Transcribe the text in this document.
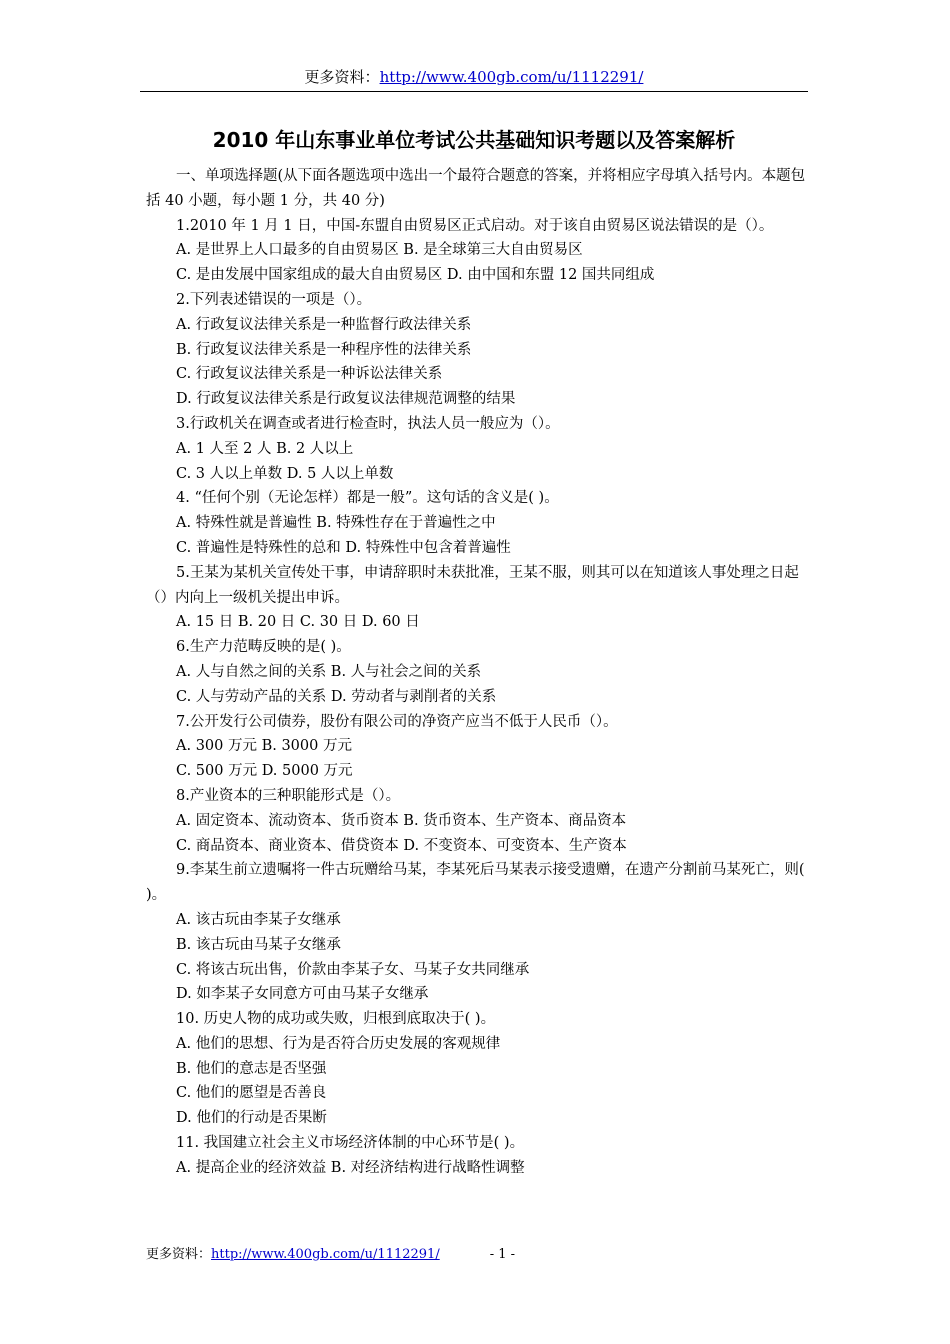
更多资料：http://www.400gb.com/u/1112291/
2010 年山东事业单位考试公共基础知识考题以及答案解析

一、单项选择题(从下面各题选项中选出一个最符合题意的答案，并将相应字母填入括号内。本题包括 40 小题，每小题 1 分，共 40 分)

1.2010 年 1 月 1 日，中国-东盟自由贸易区正式启动。对于该自由贸易区说法错误的是（）。

A. 是世界上人口最多的自由贸易区 B. 是全球第三大自由贸易区

C. 是由发展中国家组成的最大自由贸易区 D. 由中国和东盟 12 国共同组成

2.下列表述错误的一项是（）。

A. 行政复议法律关系是一种监督行政法律关系

B. 行政复议法律关系是一种程序性的法律关系

C. 行政复议法律关系是一种诉讼法律关系

D. 行政复议法律关系是行政复议法律规范调整的结果

3.行政机关在调查或者进行检查时，执法人员一般应为（）。

A. 1 人至 2 人 B. 2 人以上

C. 3 人以上单数 D. 5 人以上单数

4. “任何个别（无论怎样）都是一般”。这句话的含义是( )。

A. 特殊性就是普遍性 B. 特殊性存在于普遍性之中

C. 普遍性是特殊性的总和 D. 特殊性中包含着普遍性

5.王某为某机关宣传处干事，申请辞职时未获批准，王某不服，则其可以在知道该人事处理之日起（）内向上一级机关提出申诉。

A. 15 日 B. 20 日 C. 30 日 D. 60 日

6.生产力范畴反映的是( )。

A. 人与自然之间的关系 B. 人与社会之间的关系

C. 人与劳动产品的关系 D. 劳动者与剥削者的关系

7.公开发行公司债券，股份有限公司的净资产应当不低于人民币（）。

A. 300 万元 B. 3000 万元

C. 500 万元 D. 5000 万元

8.产业资本的三种职能形式是（）。

A. 固定资本、流动资本、货币资本 B. 货币资本、生产资本、商品资本

C. 商品资本、商业资本、借贷资本 D. 不变资本、可变资本、生产资本

9.李某生前立遗嘱将一件古玩赠给马某，李某死后马某表示接受遗赠，在遗产分割前马某死亡，则( )。

A. 该古玩由李某子女继承

B. 该古玩由马某子女继承

C. 将该古玩出售，价款由李某子女、马某子女共同继承

D. 如李某子女同意方可由马某子女继承

10. 历史人物的成功或失败，归根到底取决于( )。

A. 他们的思想、行为是否符合历史发展的客观规律

B. 他们的意志是否坚强

C. 他们的愿望是否善良

D. 他们的行动是否果断

11. 我国建立社会主义市场经济体制的中心环节是( )。

A. 提高企业的经济效益 B. 对经济结构进行战略性调整

更多资料：http://www.400gb.com/u/1112291/	- 1 -
